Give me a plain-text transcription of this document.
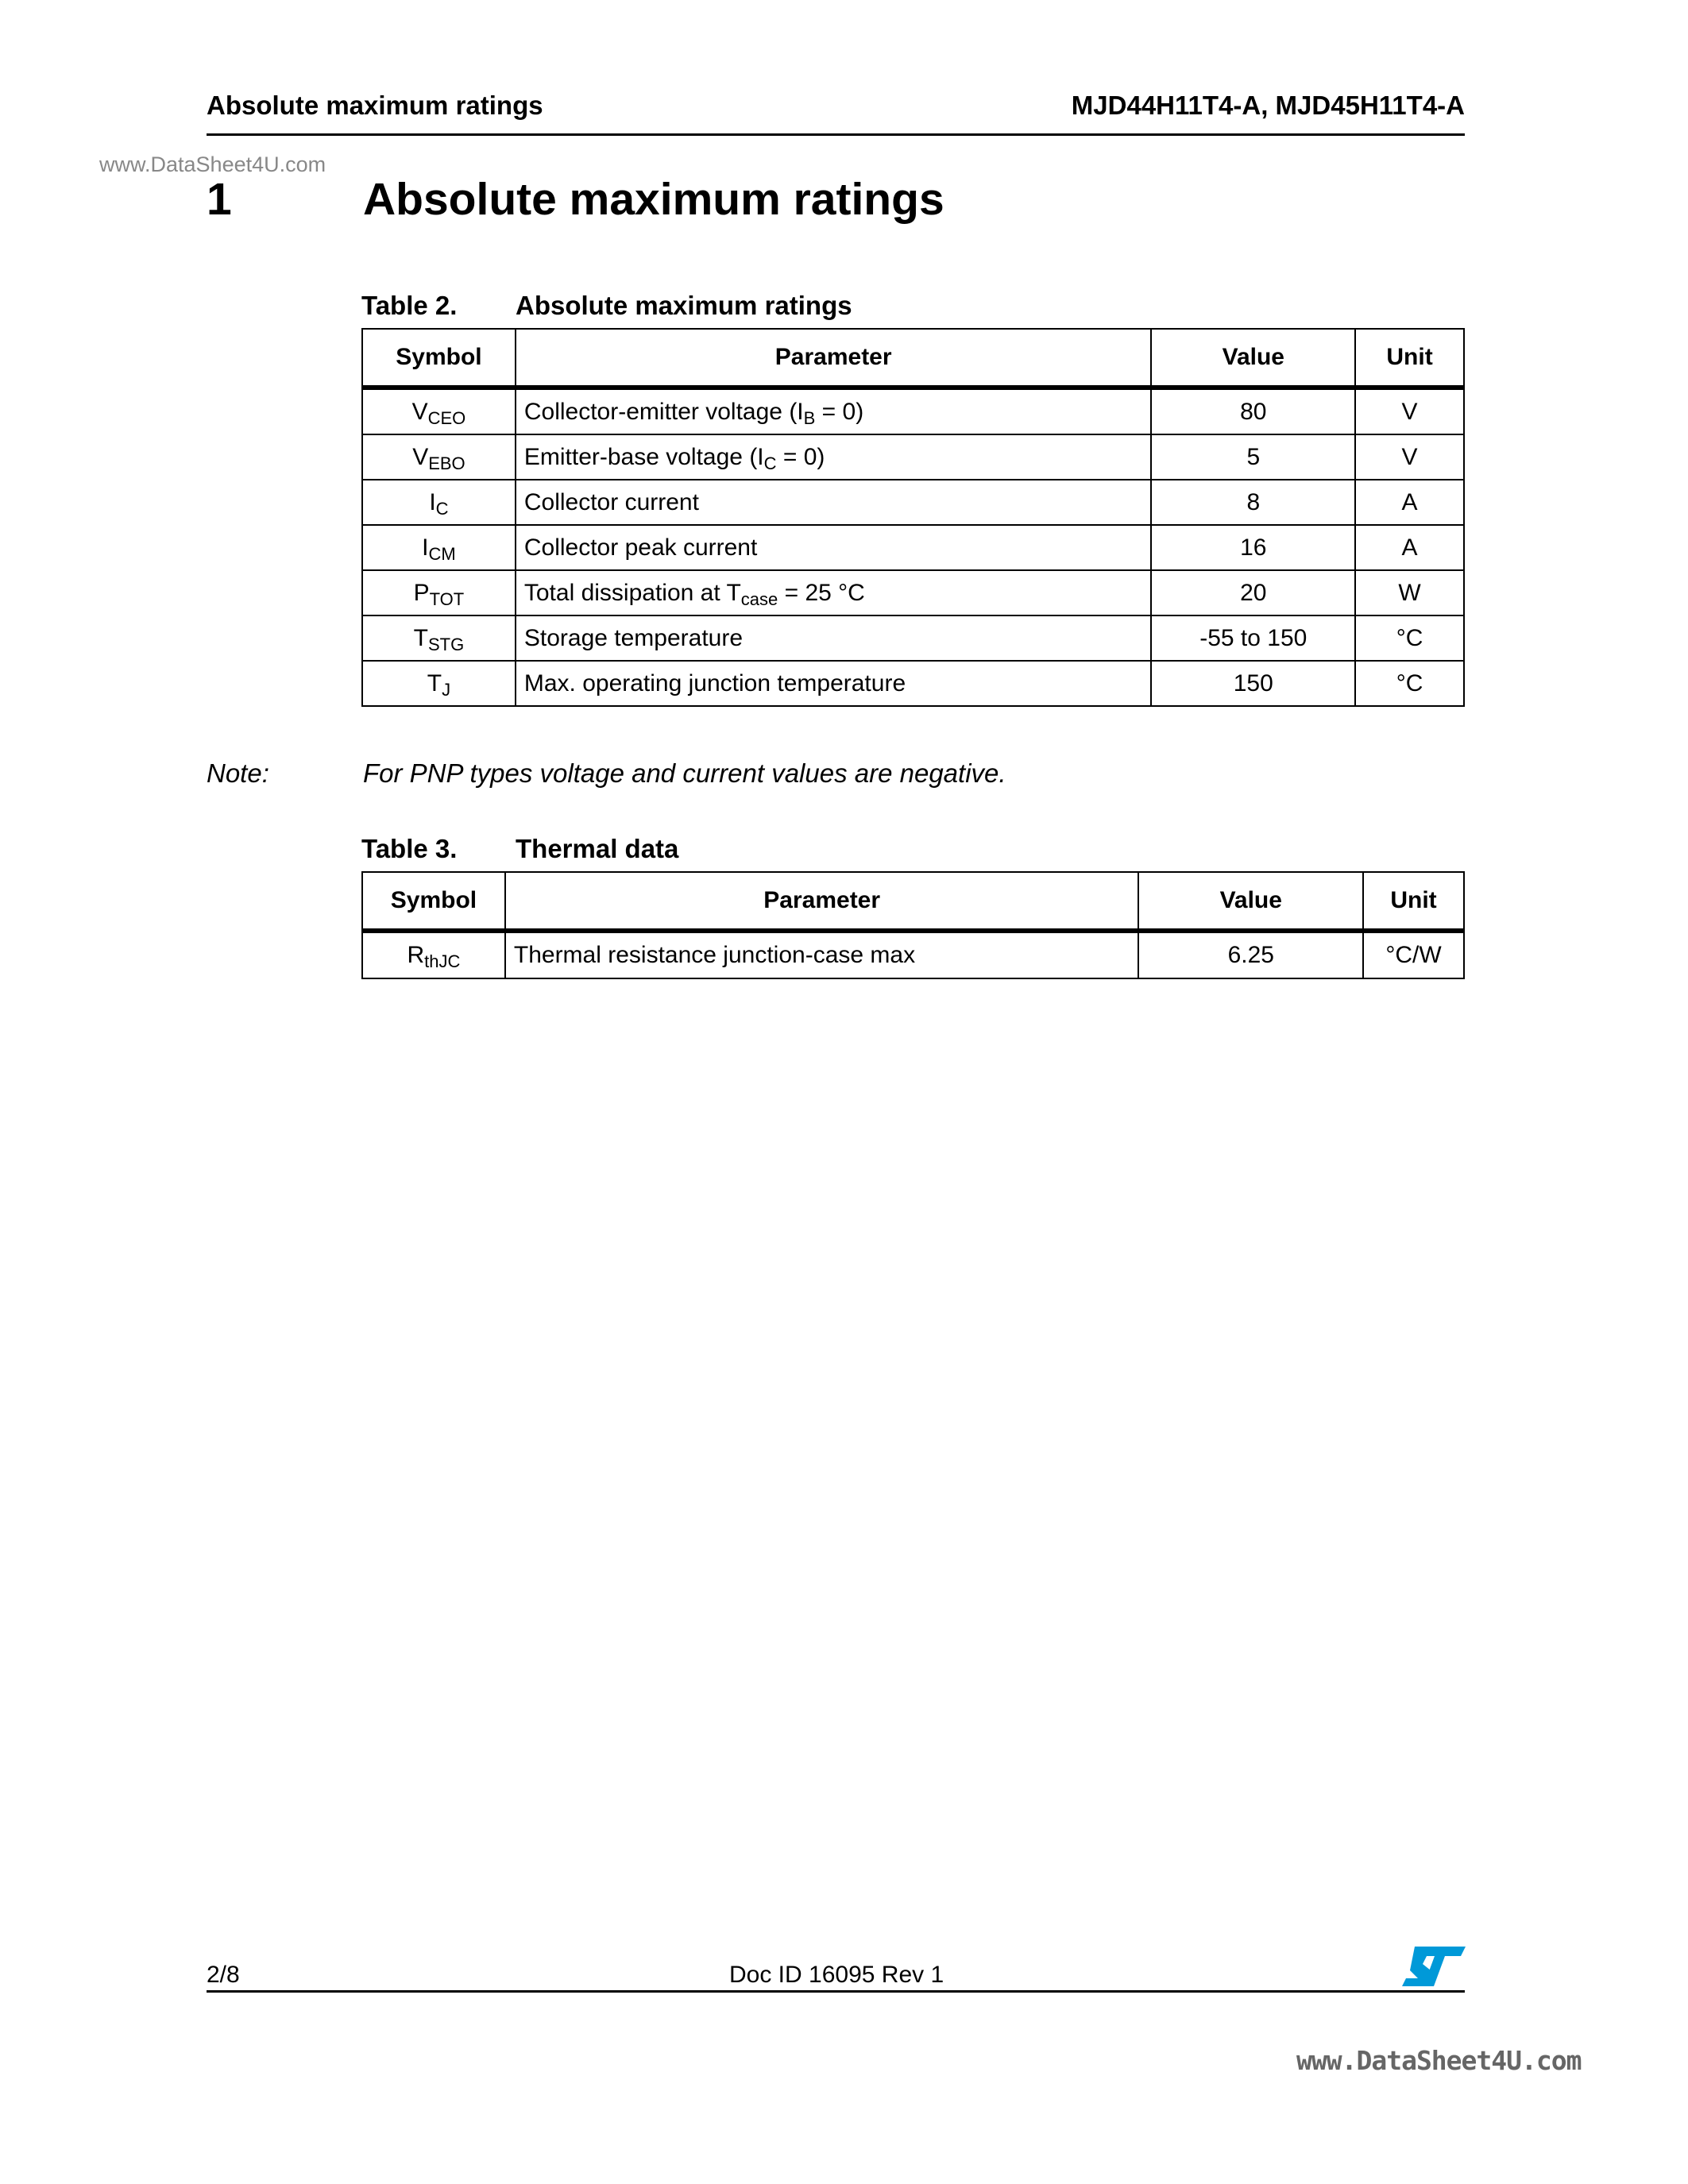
Absolute maximum ratings	MJD44H11T4-A, MJD45H11T4-A
www.DataSheet4U.com
1	Absolute maximum ratings
Table 2. Absolute maximum ratings
Symbol	Parameter	Value	Unit
$V_{CEO}$	Collector-emitter voltage $(I_B = 0)$	80	V
$V_{EBO}$	Emitter-base voltage $(I_C = 0)$	5	V
$I_C$	Collector current	8	A
$I_{CM}$	Collector peak current	16	A
$P_{TOT}$	Total dissipation at $T_{case} = 25$ °C	20	W
$T_{STG}$	Storage temperature	-55 to 150	°C
$T_J$	Max. operating junction temperature	150	°C
Note:	For PNP types voltage and current values are negative.
Table 3. Thermal data
Symbol	Parameter	Value	Unit
$R_{thJC}$	Thermal resistance junction-case max	6.25	°C/W
2/8	Doc ID 16095 Rev 1
www.DataSheet4U.com
